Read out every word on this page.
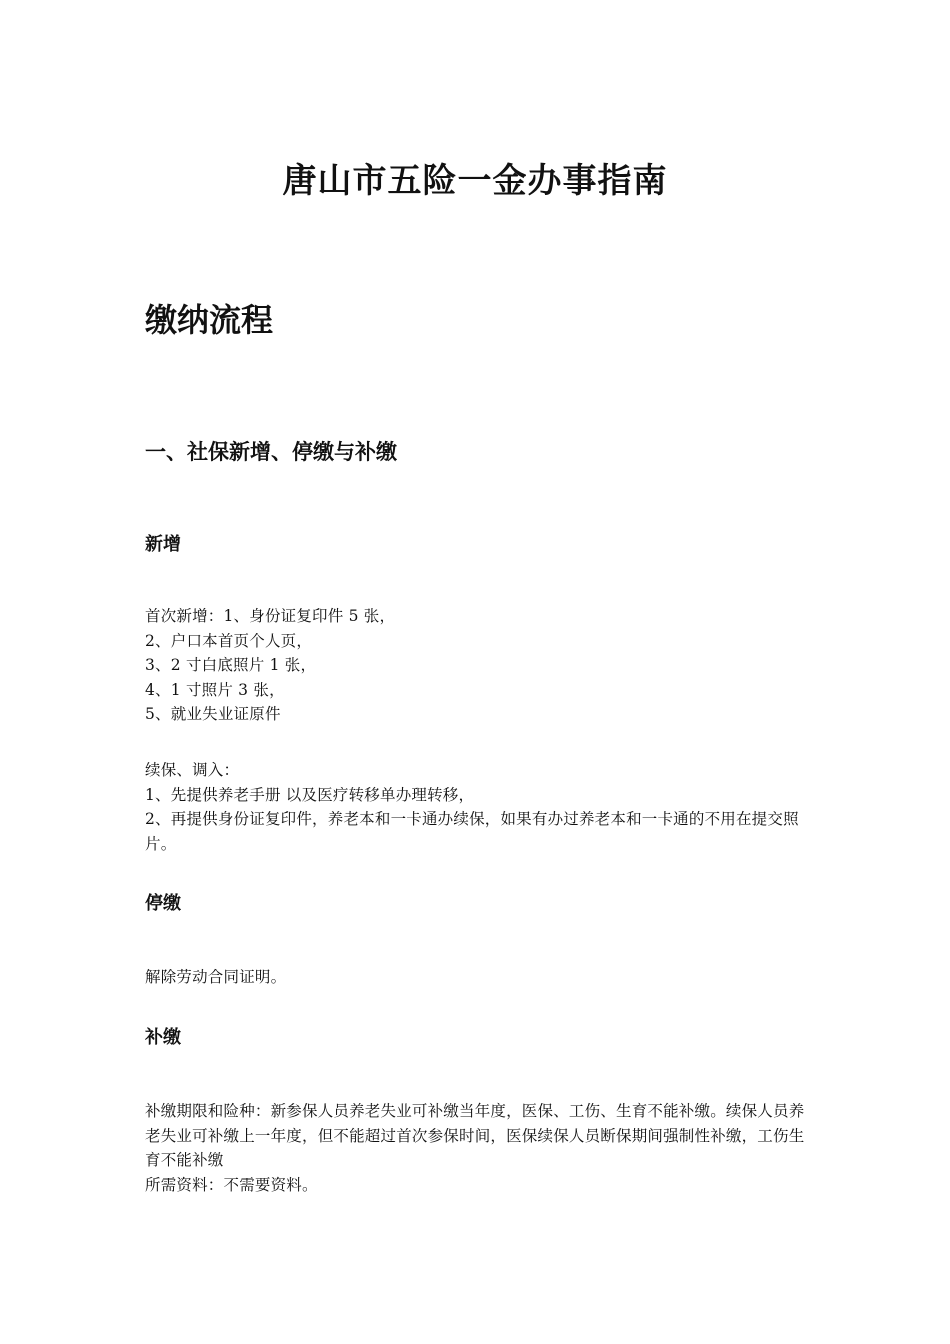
唐山市五险一金办事指南
缴纳流程
一、社保新增、停缴与补缴
新增
首次新增：1、身份证复印件 5 张，
2、户口本首页个人页，
3、2 寸白底照片 1 张，
4、1 寸照片 3 张，
5、就业失业证原件
续保、调入：
1、先提供养老手册 以及医疗转移单办理转移，
2、再提供身份证复印件，养老本和一卡通办续保，如果有办过养老本和一卡通的不用在提交照片。
停缴
解除劳动合同证明。
补缴
补缴期限和险种：新参保人员养老失业可补缴当年度，医保、工伤、生育不能补缴。续保人员养老失业可补缴上一年度，但不能超过首次参保时间，医保续保人员断保期间强制性补缴，工伤生育不能补缴
所需资料：不需要资料。
